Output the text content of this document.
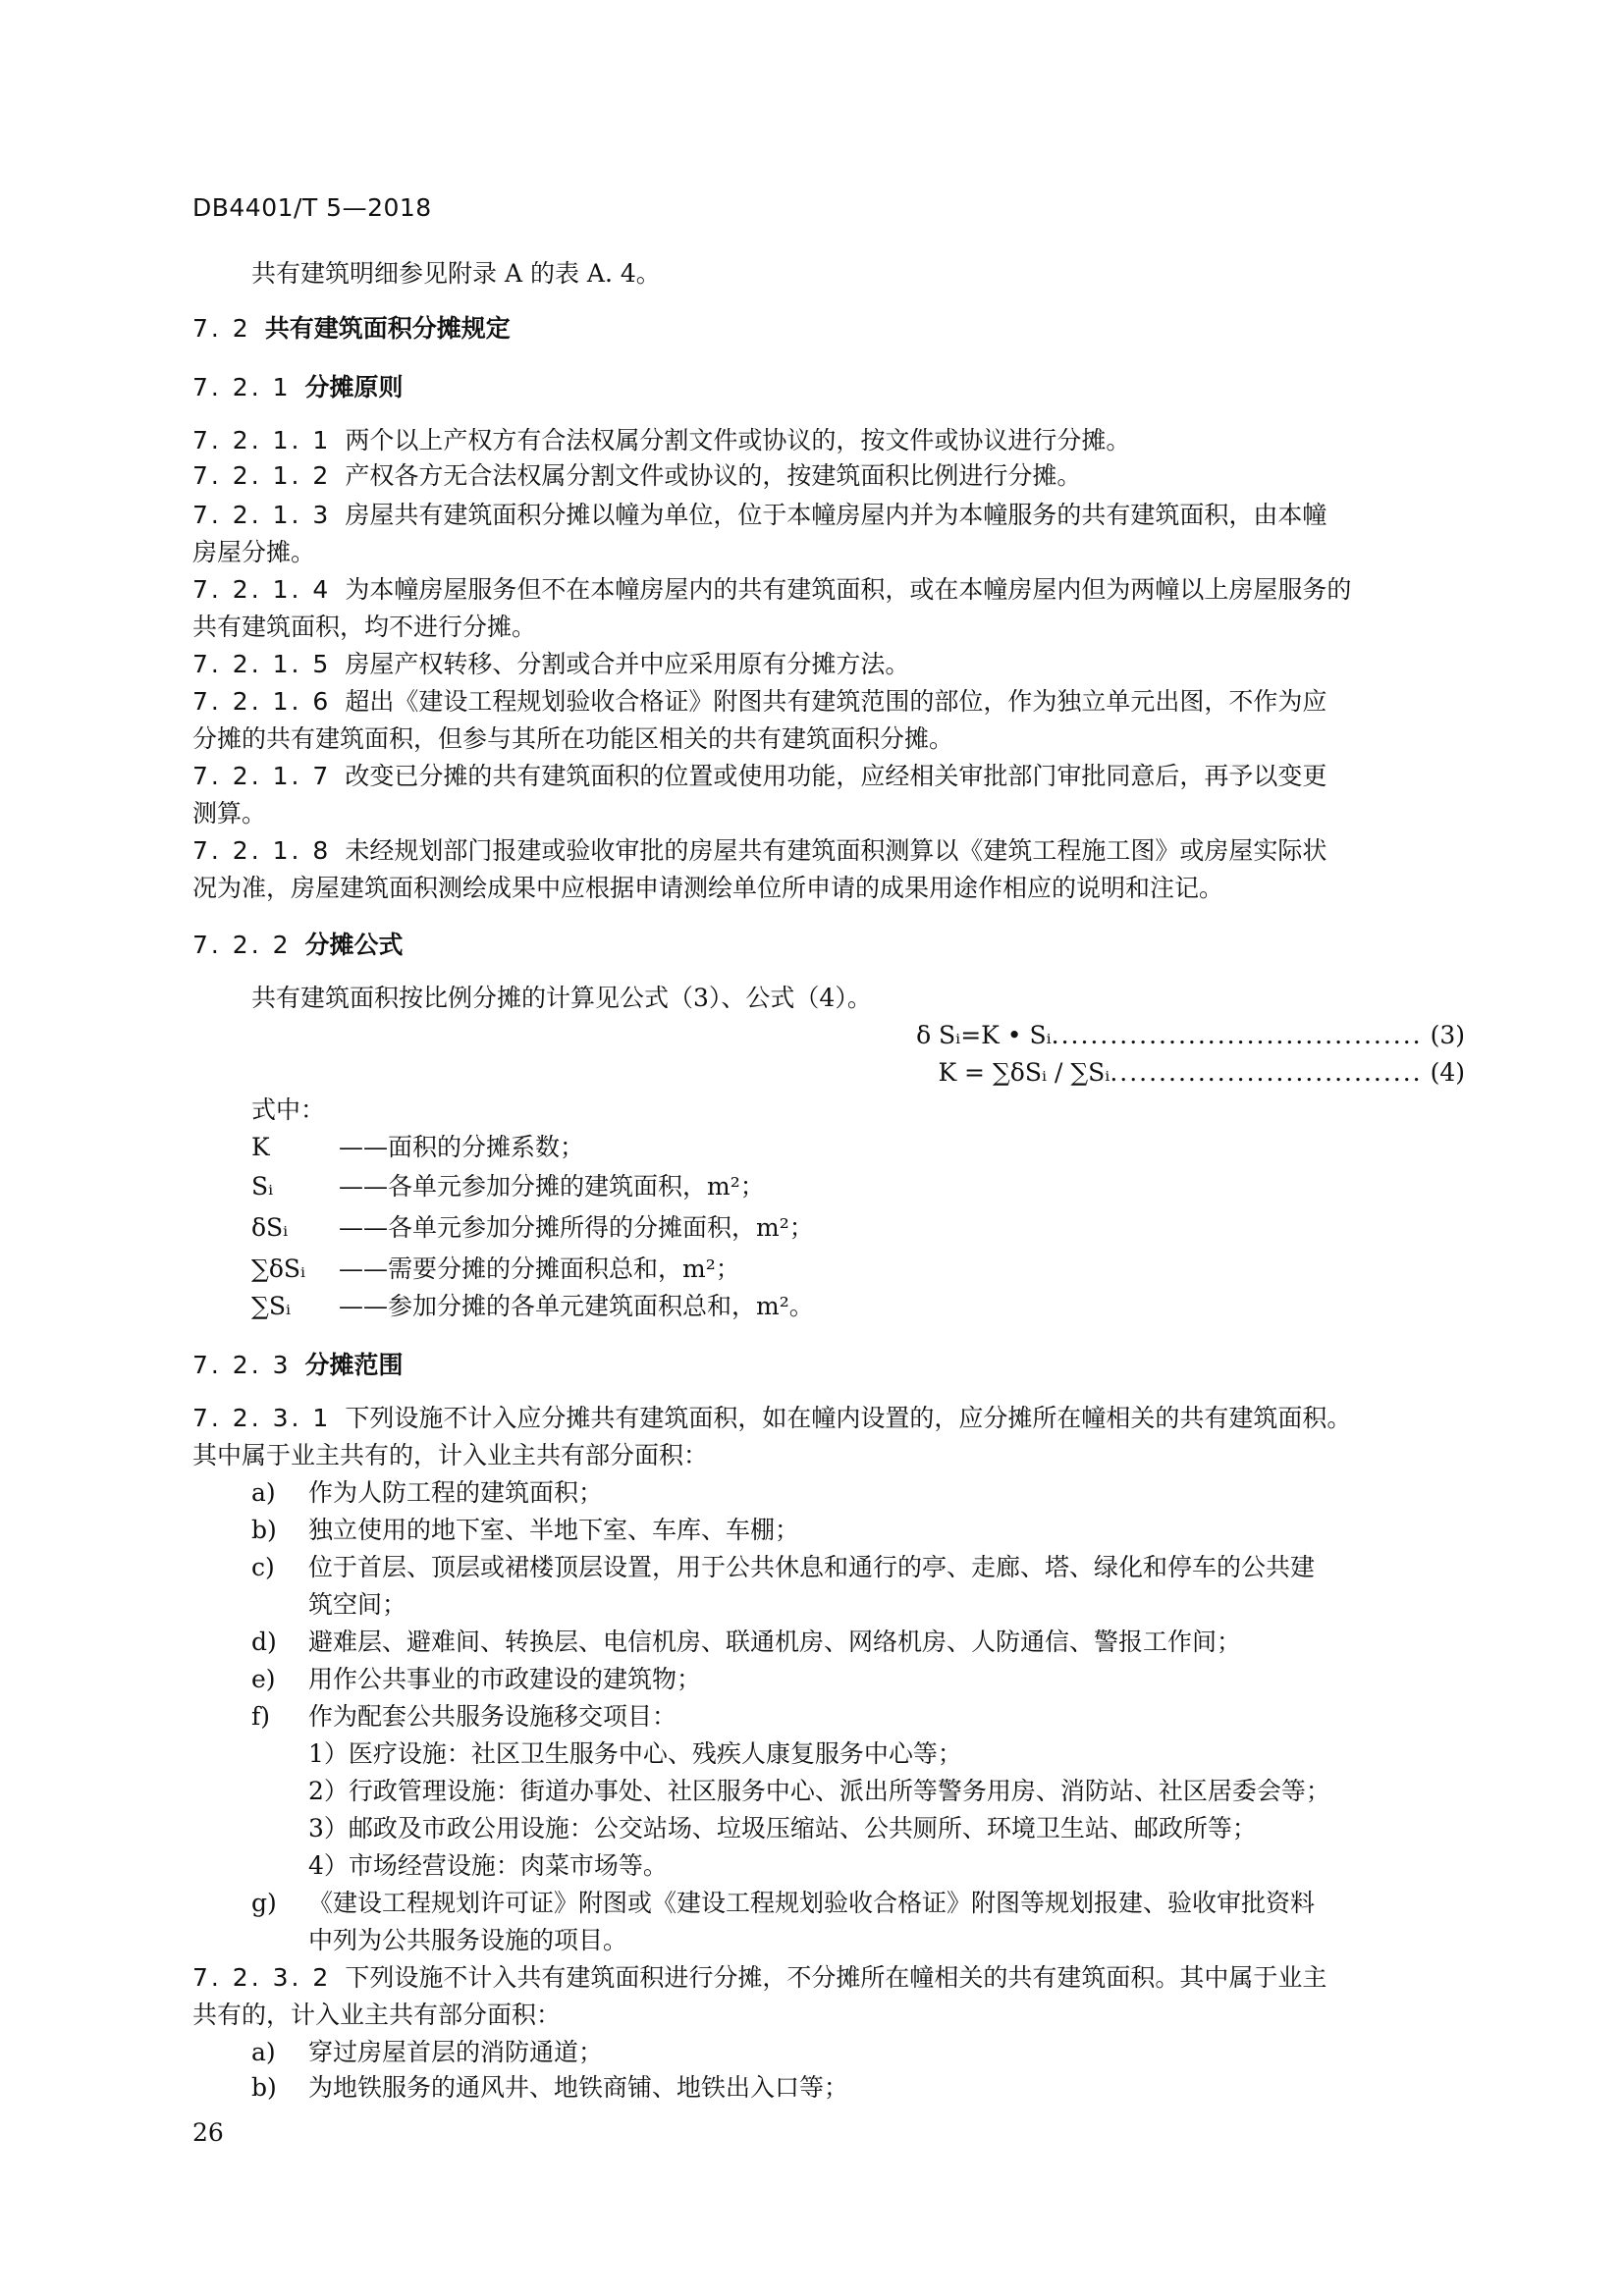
DB4401/T 5—2018
共有建筑明细参见附录 A 的表 A. 4。
7. 2 共有建筑面积分摊规定
7. 2. 1 分摊原则
7. 2. 1. 1 两个以上产权方有合法权属分割文件或协议的，按文件或协议进行分摊。
7. 2. 1. 2 产权各方无合法权属分割文件或协议的，按建筑面积比例进行分摊。
7. 2. 1. 3 房屋共有建筑面积分摊以幢为单位，位于本幢房屋内并为本幢服务的共有建筑面积，由本幢
房屋分摊。
7. 2. 1. 4 为本幢房屋服务但不在本幢房屋内的共有建筑面积，或在本幢房屋内但为两幢以上房屋服务的
共有建筑面积，均不进行分摊。
7. 2. 1. 5 房屋产权转移、分割或合并中应采用原有分摊方法。
7. 2. 1. 6 超出《建设工程规划验收合格证》附图共有建筑范围的部位，作为独立单元出图，不作为应
分摊的共有建筑面积，但参与其所在功能区相关的共有建筑面积分摊。
7. 2. 1. 7 改变已分摊的共有建筑面积的位置或使用功能，应经相关审批部门审批同意后，再予以变更
测算。
7. 2. 1. 8 未经规划部门报建或验收审批的房屋共有建筑面积测算以《建筑工程施工图》或房屋实际状
况为准，房屋建筑面积测绘成果中应根据申请测绘单位所申请的成果用途作相应的说明和注记。
7. 2. 2 分摊公式
共有建筑面积按比例分摊的计算见公式（3）、公式（4）。
δ Sᵢ=K • Sᵢ...................................... (3)
K = ∑δSᵢ / ∑Sᵢ................................ (4)
式中：
K	——面积的分摊系数；
Sᵢ	——各单元参加分摊的建筑面积，m²；
δSᵢ ——各单元参加分摊所得的分摊面积，m²；
∑δSᵢ ——需要分摊的分摊面积总和，m²；
∑Sᵢ ——参加分摊的各单元建筑面积总和，m²。
7. 2. 3 分摊范围
7. 2. 3. 1 下列设施不计入应分摊共有建筑面积，如在幢内设置的，应分摊所在幢相关的共有建筑面积。
其中属于业主共有的，计入业主共有部分面积：
a) 作为人防工程的建筑面积；
b) 独立使用的地下室、半地下室、车库、车棚；
c) 位于首层、顶层或裙楼顶层设置，用于公共休息和通行的亭、走廊、塔、绿化和停车的公共建
筑空间；
d) 避难层、避难间、转换层、电信机房、联通机房、网络机房、人防通信、警报工作间；
e) 用作公共事业的市政建设的建筑物；
f) 作为配套公共服务设施移交项目：
1）医疗设施：社区卫生服务中心、残疾人康复服务中心等；
2）行政管理设施：街道办事处、社区服务中心、派出所等警务用房、消防站、社区居委会等；
3）邮政及市政公用设施：公交站场、垃圾压缩站、公共厕所、环境卫生站、邮政所等；
4）市场经营设施：肉菜市场等。
g) 《建设工程规划许可证》附图或《建设工程规划验收合格证》附图等规划报建、验收审批资料
中列为公共服务设施的项目。
7. 2. 3. 2 下列设施不计入共有建筑面积进行分摊，不分摊所在幢相关的共有建筑面积。其中属于业主
共有的，计入业主共有部分面积：
a) 穿过房屋首层的消防通道；
b) 为地铁服务的通风井、地铁商铺、地铁出入口等；
26
